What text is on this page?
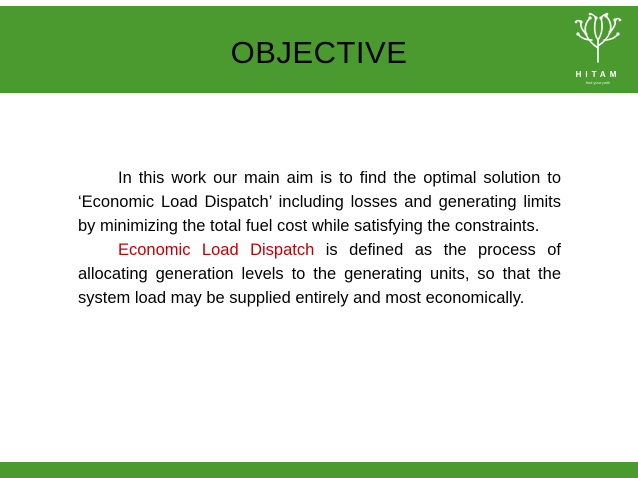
OBJECTIVE
HITAM
find your path

In this work our main aim is to find the optimal solution to ‘Economic Load Dispatch’ including losses and generating limits by minimizing the total fuel cost while satisfying the constraints.

Economic Load Dispatch is defined as the process of allocating generation levels to the generating units, so that the system load may be supplied entirely and most economically.
